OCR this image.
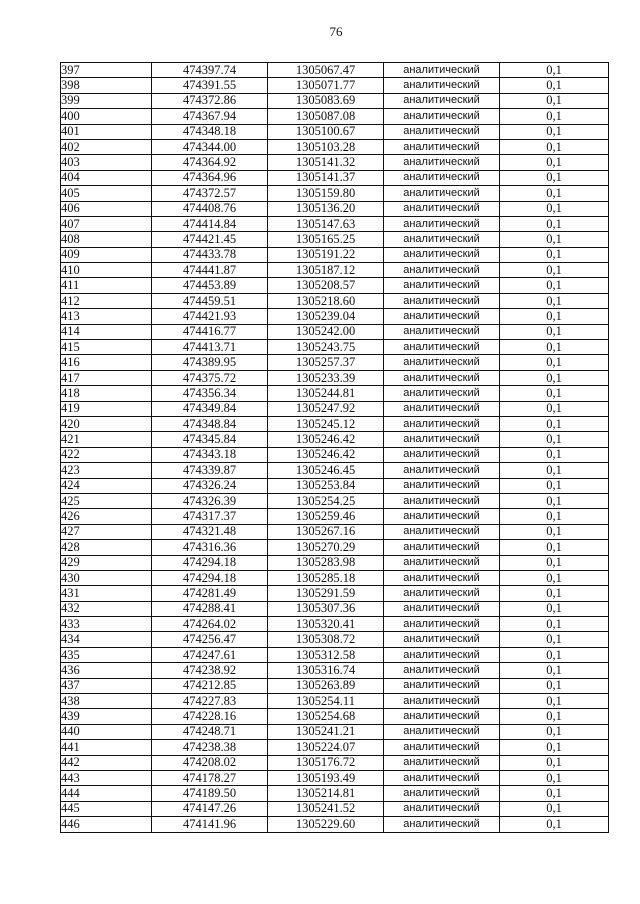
76
397	474397.74	1305067.47	аналитический	0,1
398	474391.55	1305071.77	аналитический	0,1
399	474372.86	1305083.69	аналитический	0,1
400	474367.94	1305087.08	аналитический	0,1
401	474348.18	1305100.67	аналитический	0,1
402	474344.00	1305103.28	аналитический	0,1
403	474364.92	1305141.32	аналитический	0,1
404	474364.96	1305141.37	аналитический	0,1
405	474372.57	1305159.80	аналитический	0,1
406	474408.76	1305136.20	аналитический	0,1
407	474414.84	1305147.63	аналитический	0,1
408	474421.45	1305165.25	аналитический	0,1
409	474433.78	1305191.22	аналитический	0,1
410	474441.87	1305187.12	аналитический	0,1
411	474453.89	1305208.57	аналитический	0,1
412	474459.51	1305218.60	аналитический	0,1
413	474421.93	1305239.04	аналитический	0,1
414	474416.77	1305242.00	аналитический	0,1
415	474413.71	1305243.75	аналитический	0,1
416	474389.95	1305257.37	аналитический	0,1
417	474375.72	1305233.39	аналитический	0,1
418	474356.34	1305244.81	аналитический	0,1
419	474349.84	1305247.92	аналитический	0,1
420	474348.84	1305245.12	аналитический	0,1
421	474345.84	1305246.42	аналитический	0,1
422	474343.18	1305246.42	аналитический	0,1
423	474339.87	1305246.45	аналитический	0,1
424	474326.24	1305253.84	аналитический	0,1
425	474326.39	1305254.25	аналитический	0,1
426	474317.37	1305259.46	аналитический	0,1
427	474321.48	1305267.16	аналитический	0,1
428	474316.36	1305270.29	аналитический	0,1
429	474294.18	1305283.98	аналитический	0,1
430	474294.18	1305285.18	аналитический	0,1
431	474281.49	1305291.59	аналитический	0,1
432	474288.41	1305307.36	аналитический	0,1
433	474264.02	1305320.41	аналитический	0,1
434	474256.47	1305308.72	аналитический	0,1
435	474247.61	1305312.58	аналитический	0,1
436	474238.92	1305316.74	аналитический	0,1
437	474212.85	1305263.89	аналитический	0,1
438	474227.83	1305254.11	аналитический	0,1
439	474228.16	1305254.68	аналитический	0,1
440	474248.71	1305241.21	аналитический	0,1
441	474238.38	1305224.07	аналитический	0,1
442	474208.02	1305176.72	аналитический	0,1
443	474178.27	1305193.49	аналитический	0,1
444	474189.50	1305214.81	аналитический	0,1
445	474147.26	1305241.52	аналитический	0,1
446	474141.96	1305229.60	аналитический	0,1
